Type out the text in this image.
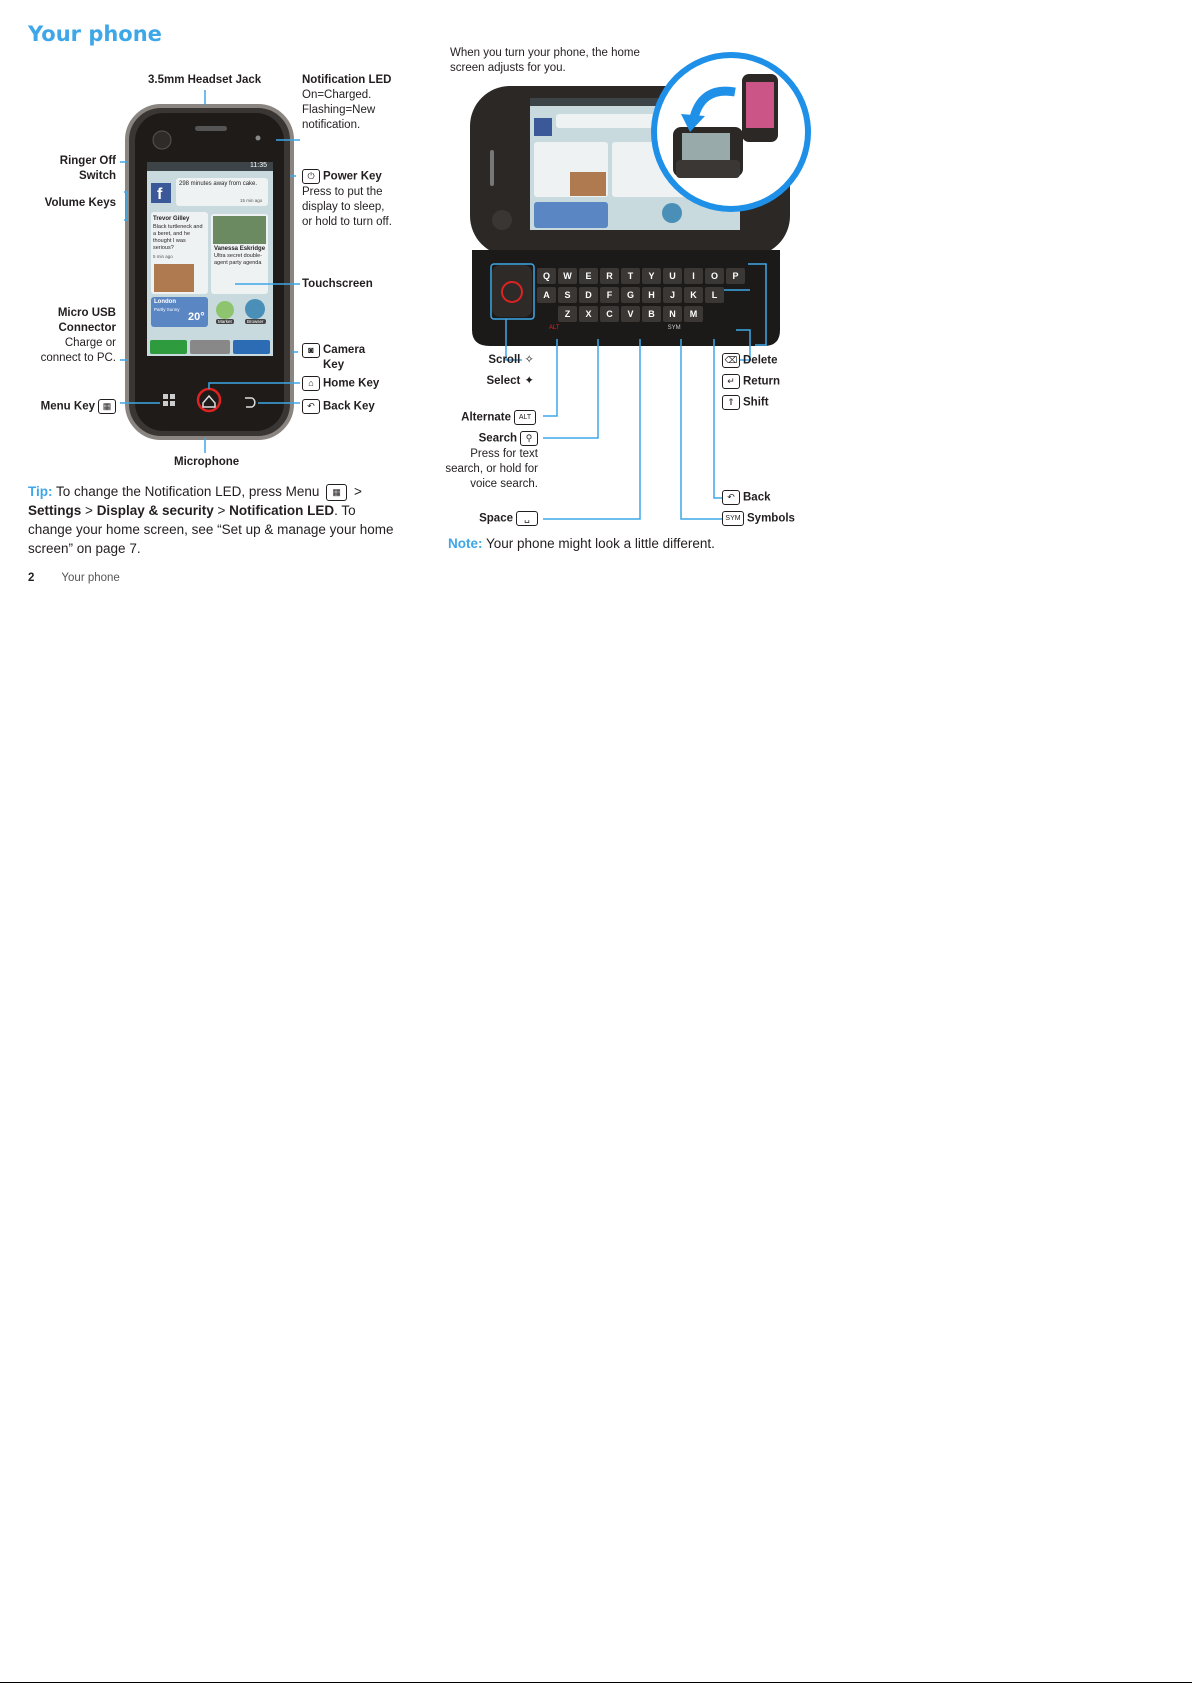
Your phone
f
Q	W	E	R	T	Y	U	I	O	P
A	S	D	F	G	H	J	K	L
Z	X	C	V	B	N	M
ALT	SYM
11:35
298 minutes away from cake.
15 min ago
Trevor Gilley
Black turtleneck and a beret, and he thought I was serious?
5 min ago
Vanessa Eskridge
Ultra secret double-agent party agenda
London
Partly Sunny
20°	Market	Browser
3.5mm Headset Jack	Notification LED
On=Charged. Flashing=New notification.
Ringer Off Switch
Volume Keys
⏻ Power Key
Press to put the display to sleep, or hold to turn off.
Touchscreen
Micro USB Connector
Charge or connect to PC.
◙ Camera Key
⌂ Home Key
Menu Key ▦	↶ Back Key
Microphone
When you turn your phone, the home screen adjusts for you.
Scroll ✧
Select ✦
Alternate ALT
Search ⚲
Press for text search, or hold for voice search.
Space ␣
⌫ Delete
↵ Return
⇑ Shift
↶ Back
SYM Symbols
Tip: To change the Notification LED, press Menu ▦ > Settings > Display & security > Notification LED. To change your home screen, see “Set up & manage your home screen” on page 7.	Note: Your phone might look a little different.
2 Your phone
